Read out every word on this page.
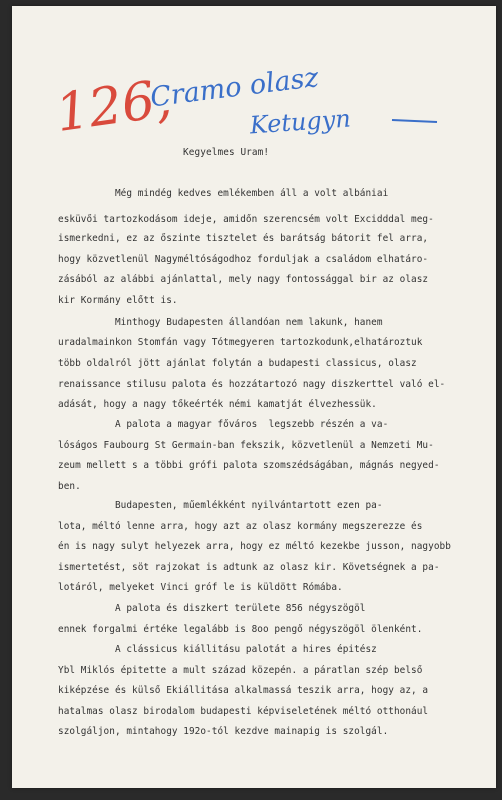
126,
Cramo olasz
Ketugyn
Kegyelmes Uram!
Még mindég kedves emlékemben áll a volt albániai
esküvői tartozkodásom ideje, amidőn szerencsém volt Excidddal meg-
ismerkedni, ez az őszinte tisztelet és barátság bátorit fel arra,
hogy közvetlenül Nagyméltóságodhoz forduljak a családom elhatáro-
zásából az alábbi ajánlattal, mely nagy fontossággal bir az olasz
kir Kormány előtt is.
Minthogy Budapesten állandóan nem lakunk, hanem
uradalmainkon Stomfán vagy Tótmegyeren tartozkodunk,elhatároztuk
több oldalról jött ajánlat folytán a budapesti classicus, olasz
renaissance stilusu palota és hozzátartozó nagy diszkerttel való el-
adását, hogy a nagy tőkeérték némi kamatját élvezhessük.
A palota a magyar főváros  legszebb részén a va-
lóságos Faubourg St Germain-ban fekszik, közvetlenül a Nemzeti Mu-
zeum mellett s a többi grófi palota szomszédságában, mágnás negyed-
ben.
Budapesten, műemlékként nyilvántartott ezen pa-
lota, méltó lenne arra, hogy azt az olasz kormány megszerezze és
én is nagy sulyt helyezek arra, hogy ez méltó kezekbe jusson, nagyobb
ismertetést, söt rajzokat is adtunk az olasz kir. Követségnek a pa-
lotáról, melyeket Vinci gróf le is küldött Rómába.
A palota és diszkert területe 856 négyszögöl
ennek forgalmi értéke legalább is 8oo pengő négyszögöl ölenként.
A clássicus kiállitásu palotát a hires épitész
Ybl Miklós épitette a mult század közepén. a páratlan szép belső
kiképzése és külső Ekiállitása alkalmassá teszik arra, hogy az, a
hatalmas olasz birodalom budapesti képviseletének méltó otthonául
szolgáljon, mintahogy 192o-tól kezdve mainapig is szolgál.
